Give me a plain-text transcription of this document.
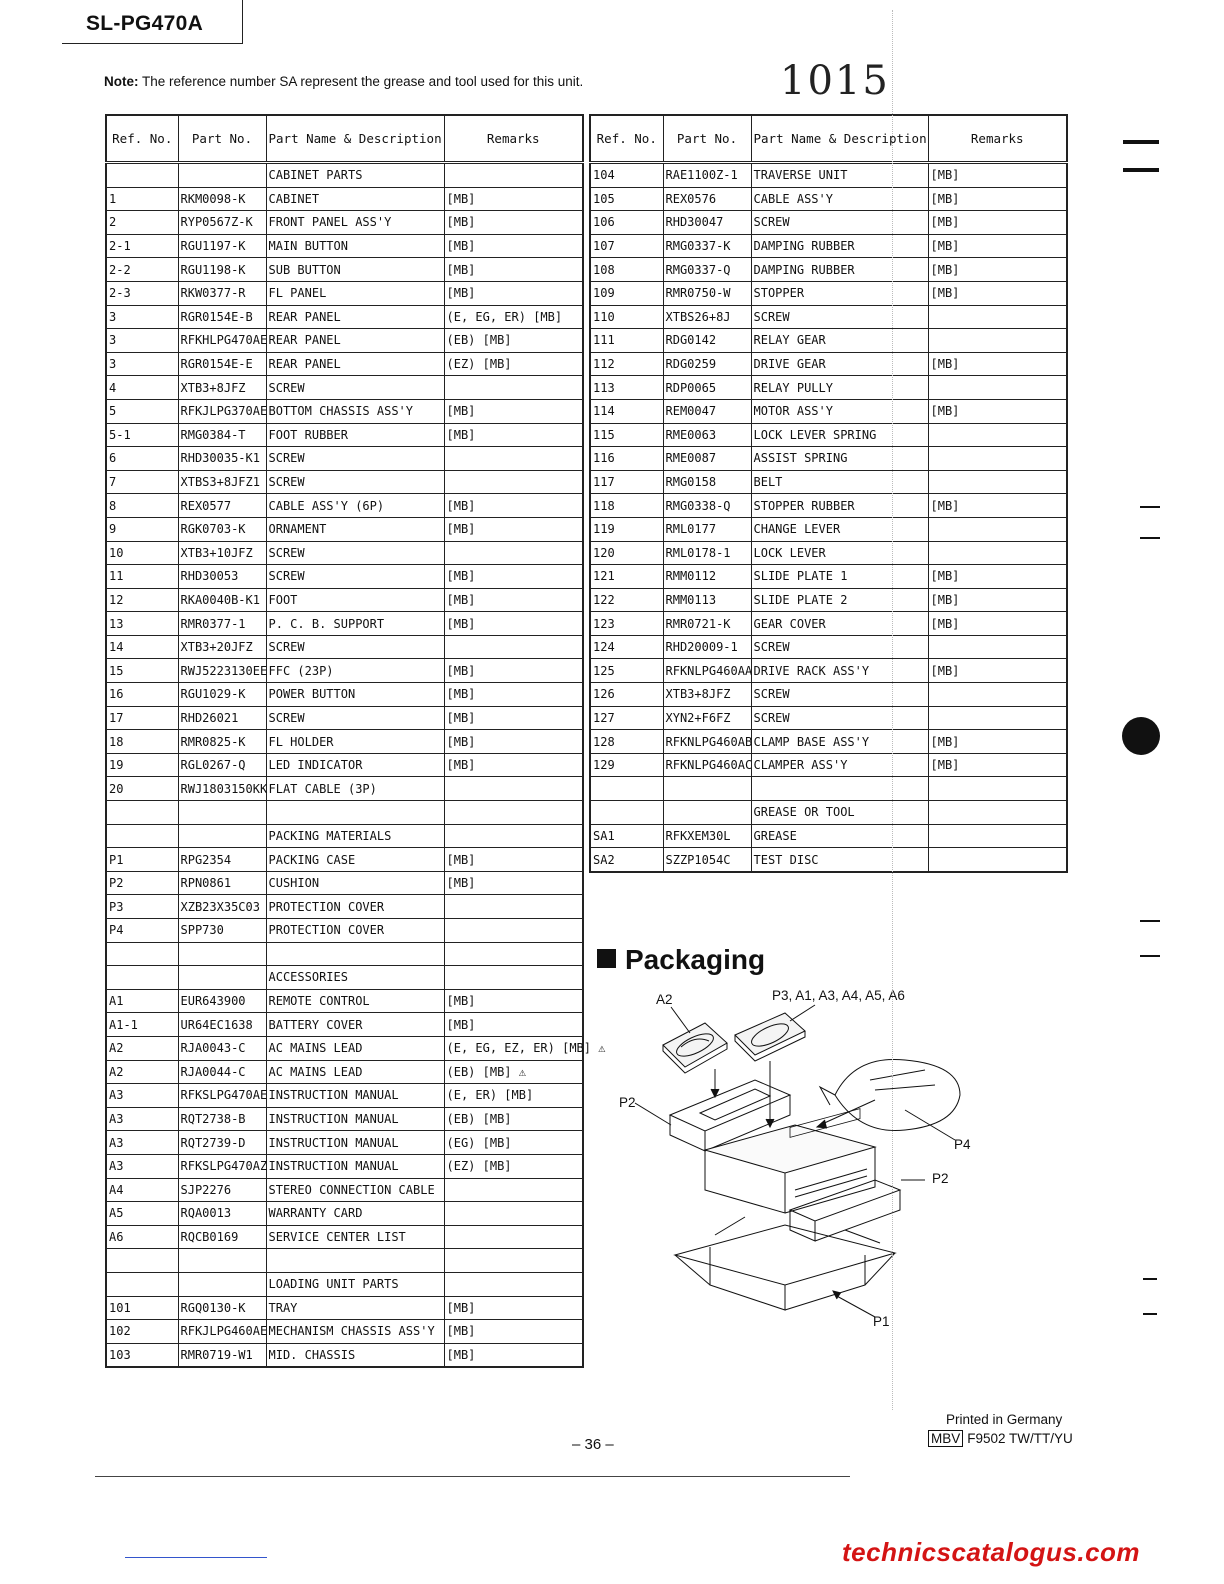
SL-PG470A
1015
Note: The reference number SA represent the grease and tool used for this unit.
Ref. No.	Part No.	Part Name & Description	Remarks
		CABINET PARTS	
1	RKM0098-K	CABINET	[MB]
2	RYP0567Z-K	FRONT PANEL ASS'Y	[MB]
2-1	RGU1197-K	MAIN BUTTON	[MB]
2-2	RGU1198-K	SUB BUTTON	[MB]
2-3	RKW0377-R	FL PANEL	[MB]
3	RGR0154E-B	REAR PANEL	(E, EG, ER) [MB]
3	RFKHLPG470AE	REAR PANEL	(EB) [MB]
3	RGR0154E-E	REAR PANEL	(EZ) [MB]
4	XTB3+8JFZ	SCREW	
5	RFKJLPG370AE	BOTTOM CHASSIS ASS'Y	[MB]
5-1	RMG0384-T	FOOT RUBBER	[MB]
6	RHD30035-K1	SCREW	
7	XTBS3+8JFZ1	SCREW	
8	REX0577	CABLE ASS'Y (6P)	[MB]
9	RGK0703-K	ORNAMENT	[MB]
10	XTB3+10JFZ	SCREW	
11	RHD30053	SCREW	[MB]
12	RKA0040B-K1	FOOT	[MB]
13	RMR0377-1	P. C. B. SUPPORT	[MB]
14	XTB3+20JFZ	SCREW	
15	RWJ5223130EE	FFC (23P)	[MB]
16	RGU1029-K	POWER BUTTON	[MB]
17	RHD26021	SCREW	[MB]
18	RMR0825-K	FL HOLDER	[MB]
19	RGL0267-Q	LED INDICATOR	[MB]
20	RWJ1803150KK	FLAT CABLE (3P)	

		PACKING MATERIALS	
P1	RPG2354	PACKING CASE	[MB]
P2	RPN0861	CUSHION	[MB]
P3	XZB23X35C03	PROTECTION COVER	
P4	SPP730	PROTECTION COVER	

		ACCESSORIES	
A1	EUR643900	REMOTE CONTROL	[MB]
A1-1	UR64EC1638	BATTERY COVER	[MB]
A2	RJA0043-C	AC MAINS LEAD	(E, EG, EZ, ER) [MB] ⚠
A2	RJA0044-C	AC MAINS LEAD	(EB) [MB] ⚠
A3	RFKSLPG470AE	INSTRUCTION MANUAL	(E, ER) [MB]
A3	RQT2738-B	INSTRUCTION MANUAL	(EB) [MB]
A3	RQT2739-D	INSTRUCTION MANUAL	(EG) [MB]
A3	RFKSLPG470AZ	INSTRUCTION MANUAL	(EZ) [MB]
A4	SJP2276	STEREO CONNECTION CABLE	
A5	RQA0013	WARRANTY CARD	
A6	RQCB0169	SERVICE CENTER LIST	

		LOADING UNIT PARTS	
101	RGQ0130-K	TRAY	[MB]
102	RFKJLPG460AE	MECHANISM CHASSIS ASS'Y	[MB]
103	RMR0719-W1	MID. CHASSIS	[MB]
Ref. No.	Part No.	Part Name & Description	Remarks
104	RAE1100Z-1	TRAVERSE UNIT	[MB]
105	REX0576	CABLE ASS'Y	[MB]
106	RHD30047	SCREW	[MB]
107	RMG0337-K	DAMPING RUBBER	[MB]
108	RMG0337-Q	DAMPING RUBBER	[MB]
109	RMR0750-W	STOPPER	[MB]
110	XTBS26+8J	SCREW	
111	RDG0142	RELAY GEAR	
112	RDG0259	DRIVE GEAR	[MB]
113	RDP0065	RELAY PULLY	
114	REM0047	MOTOR ASS'Y	[MB]
115	RME0063	LOCK LEVER SPRING	
116	RME0087	ASSIST SPRING	
117	RMG0158	BELT	
118	RMG0338-Q	STOPPER RUBBER	[MB]
119	RML0177	CHANGE LEVER	
120	RML0178-1	LOCK LEVER	
121	RMM0112	SLIDE PLATE 1	[MB]
122	RMM0113	SLIDE PLATE 2	[MB]
123	RMR0721-K	GEAR COVER	[MB]
124	RHD20009-1	SCREW	
125	RFKNLPG460AA	DRIVE RACK ASS'Y	[MB]
126	XTB3+8JFZ	SCREW	
127	XYN2+F6FZ	SCREW	
128	RFKNLPG460AB	CLAMP BASE ASS'Y	[MB]
129	RFKNLPG460AC	CLAMPER ASS'Y	[MB]

		GREASE OR TOOL	
SA1	RFKXEM30L	GREASE	
SA2	SZZP1054C	TEST DISC	
Packaging
A2	P3, A1, A3, A4, A5, A6
P2
P4
P2
P1
– 36 –
Printed in Germany
MBV F9502 TW/TT/YU
technicscatalogus.com
